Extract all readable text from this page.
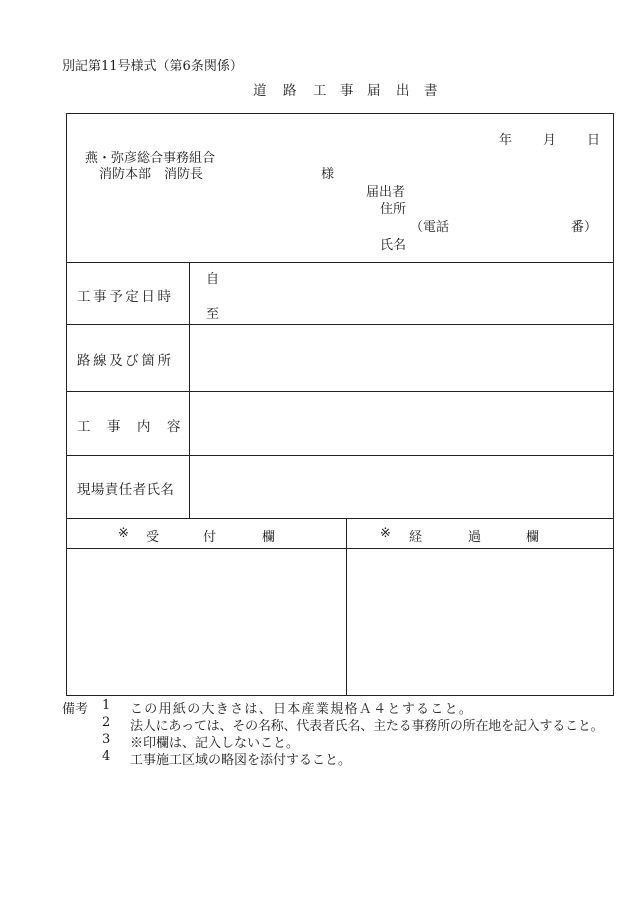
別記第11号様式（第6条関係）
道 路 工 事 届 出 書
年 月 日
燕・弥彦総合事務組合
消防本部　消防長	様
届出者
住所
（電話	番）
氏名
工事予定日時
自
至
路線及び箇所
工 事 内 容
現場責任者氏名
※ 受	付	欄	※ 経	過	欄
備考 1 この用紙の大きさは、日本産業規格Ａ４とすること。
2 法人にあっては、その名称、代表者氏名、主たる事務所の所在地を記入すること。
3 ※印欄は、記入しないこと。
4 工事施工区域の略図を添付すること。
